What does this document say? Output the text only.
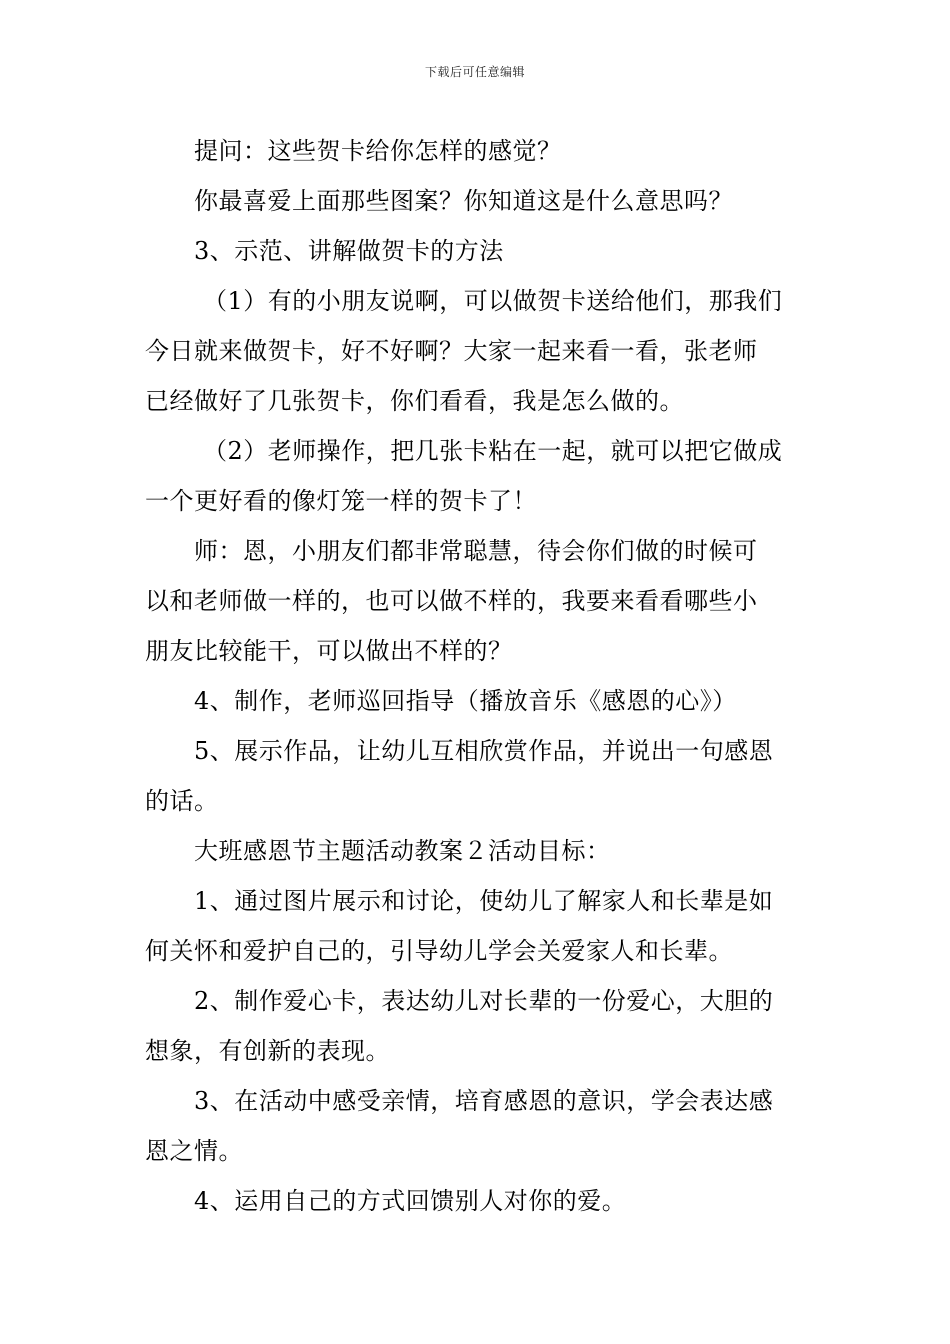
下载后可任意编辑
提问：这些贺卡给你怎样的感觉？
你最喜爱上面那些图案？你知道这是什么意思吗？
3、示范、讲解做贺卡的方法
（1）有的小朋友说啊，可以做贺卡送给他们，那我们
今日就来做贺卡，好不好啊？大家一起来看一看，张老师
已经做好了几张贺卡，你们看看，我是怎么做的。
（2）老师操作，把几张卡粘在一起，就可以把它做成
一个更好看的像灯笼一样的贺卡了！
师：恩，小朋友们都非常聪慧，待会你们做的时候可
以和老师做一样的，也可以做不样的，我要来看看哪些小
朋友比较能干，可以做出不样的？
4、制作，老师巡回指导（播放音乐《感恩的心》）
5、展示作品，让幼儿互相欣赏作品，并说出一句感恩
的话。
大班感恩节主题活动教案２活动目标：
1、通过图片展示和讨论，使幼儿了解家人和长辈是如
何关怀和爱护自己的，引导幼儿学会关爱家人和长辈。
2、制作爱心卡，表达幼儿对长辈的一份爱心，大胆的
想象，有创新的表现。
3、在活动中感受亲情，培育感恩的意识，学会表达感
恩之情。
4、运用自己的方式回馈别人对你的爱。
